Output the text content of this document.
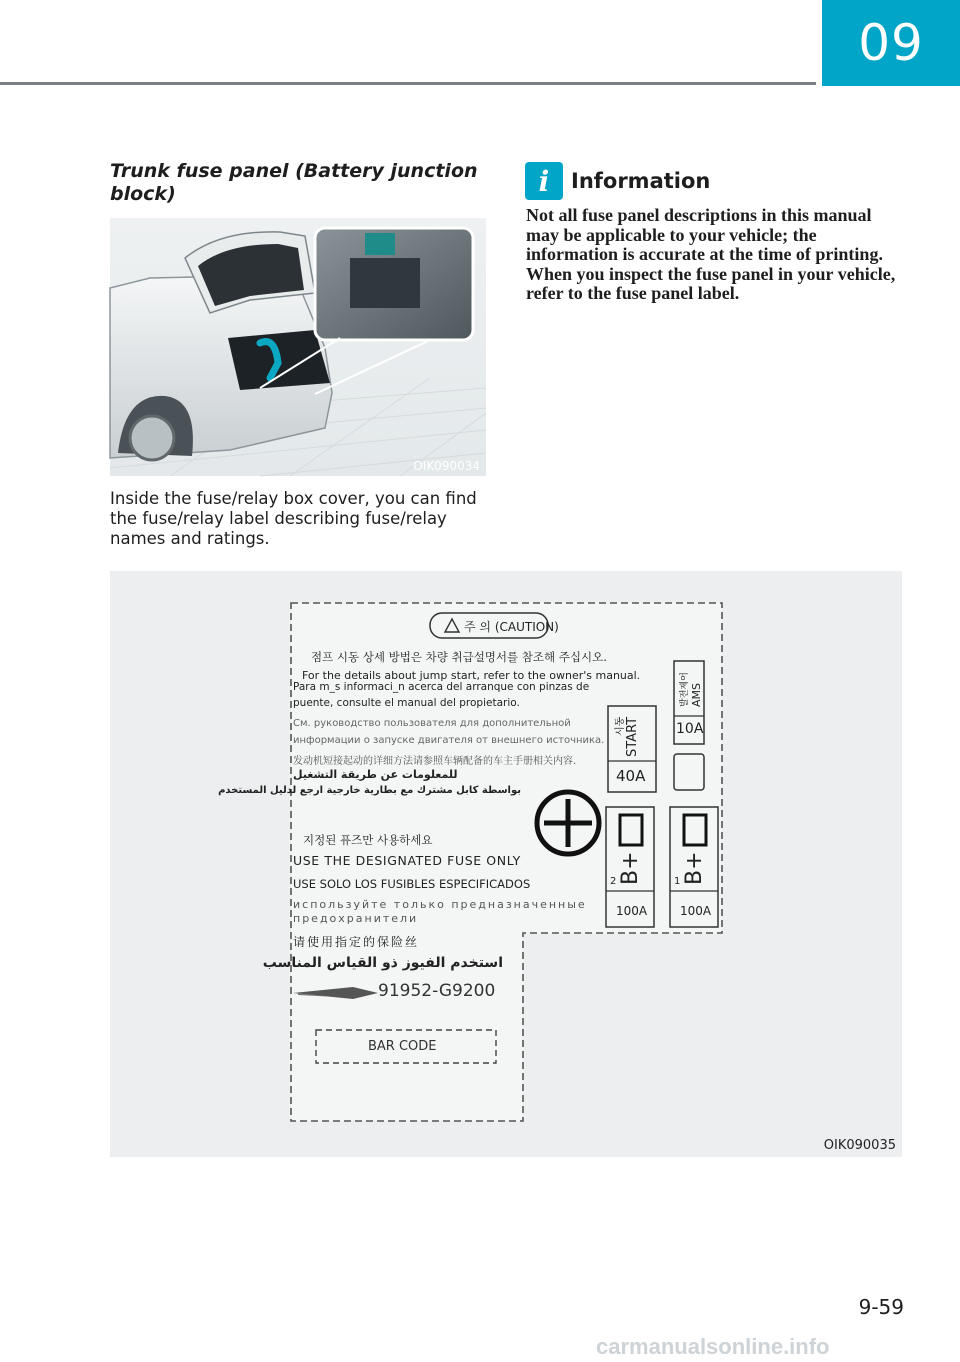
09
Trunk fuse panel (Battery junction block)
OIK090034

Inside the fuse/relay box cover, you can find the fuse/relay label describing fuse/relay names and ratings.

i	Information

Not all fuse panel descriptions in this manual may be applicable to your vehicle; the information is accurate at the time of printing. When you inspect the fuse panel in your vehicle, refer to the fuse panel label.

주 의 (CAUTION)
점프 시동 상세 방법은 차량 취급설명서를 참조해 주십시오.
For the details about jump start, refer to the owner's manual.
Para m_s informaci_n acerca del arranque con pinzas de
puente, consulte el manual del propietario.
См. руководство пользователя для дополнительной
информации о запуске двигателя от внешнего источника.
发动机短接起动的详细方法请参照车辆配备的车主手册相关内容.
للمعلومات عن طريقة التشغيل
بواسطة كابل مشترك مع بطارية خارجية ارجع لدليل المستخدم
지정된 퓨즈만 사용하세요
USE THE DESIGNATED FUSE ONLY
USE SOLO LOS FUSIBLES ESPECIFICADOS
используйте только предназначенные
предохранители
请使用指定的保险丝
استخدم الفيوز ذو القياس المناسب
91952-G9200
BAR CODE
시동 START
40A
발전제어 AMS
10A
B+
2
100A
B+
1
100A
OIK090035
9-59
carmanualsonline.info
